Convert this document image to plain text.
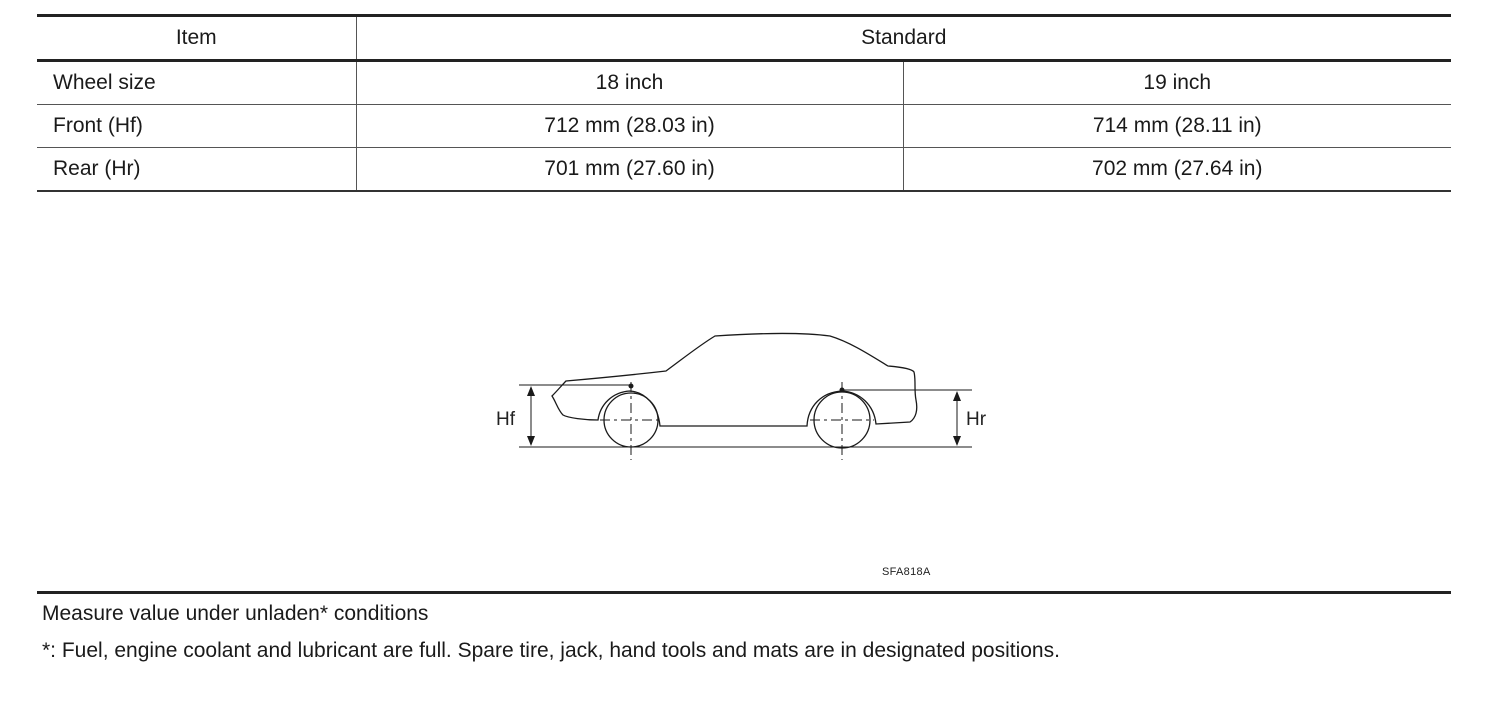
Item	Standard	
Wheel size	18 inch	19 inch
Front (Hf)	712 mm (28.03 in)	714 mm (28.11 in)
Rear (Hr)	701 mm (27.60 in)	702 mm (27.64 in)
Hf	Hr
SFA818A
Measure value under unladen* conditions
*: Fuel, engine coolant and lubricant are full. Spare tire, jack, hand tools and mats are in designated positions.
